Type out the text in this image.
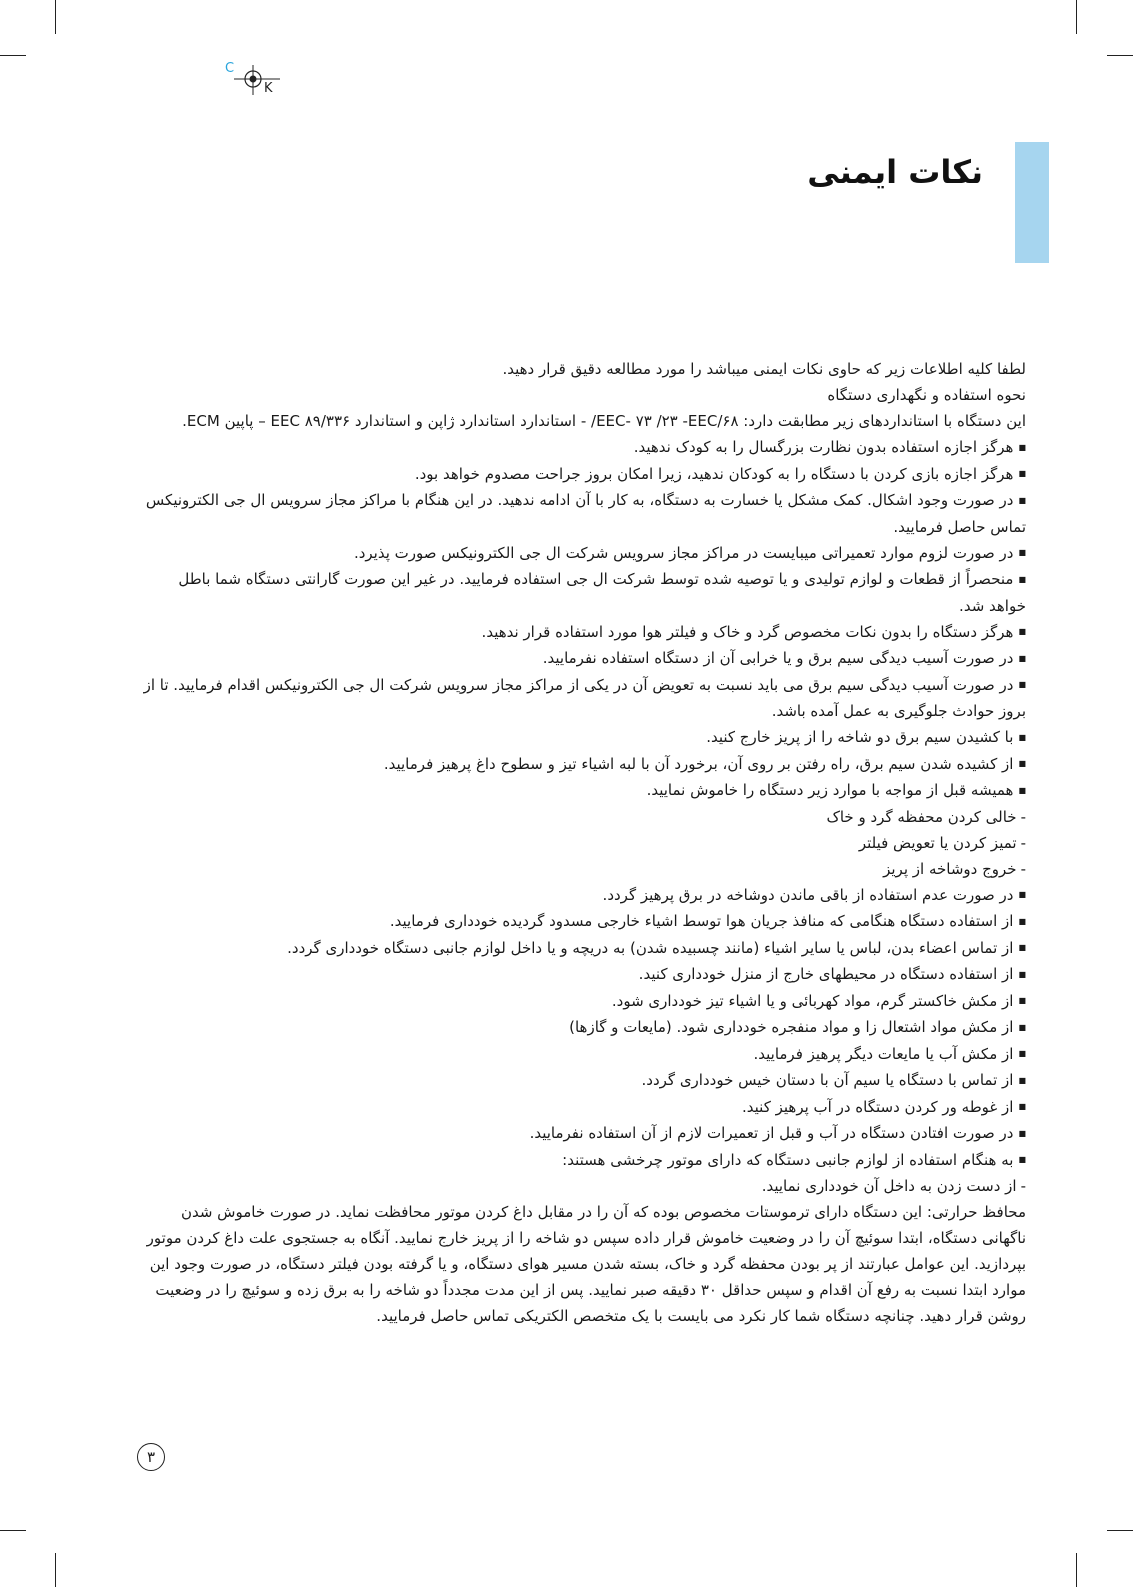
C
K
نکات ایمنی

لطفا کلیه اطلاعات زیر که حاوی نکات ایمنی میباشد را مورد مطالعه دقیق قرار دهید.

نحوه استفاده و نگهداری دستگاه

این دستگاه با استانداردهای زیر مطابقت دارد: EEC- ۷۳ /۲۳ -EEC/۶۸/ - استاندارد استاندارد ژاپن و استاندارد ۸۹/۳۳۶ EEC – پاپین ECM.

■ هرگز اجازه استفاده بدون نظارت بزرگسال را به کودک ندهید.
■ هرگز اجازه بازی کردن با دستگاه را به کودکان ندهید، زیرا امکان بروز جراحت مصدوم خواهد بود.
■ در صورت وجود اشکال. کمک مشکل یا خسارت به دستگاه، به کار با آن ادامه ندهید. در این هنگام با مراکز مجاز سرویس ال جی الکترونیکس تماس حاصل فرمایید.
■ در صورت لزوم موارد تعمیراتی میبایست در مراکز مجاز سرویس شرکت ال جی الکترونیکس صورت پذیرد.
■ منحصراً از قطعات و لوازم تولیدی و یا توصیه شده توسط شرکت ال جی استفاده فرمایید. در غیر این صورت گارانتی دستگاه شما باطل خواهد شد.
■ هرگز دستگاه را بدون نکات مخصوص گرد و خاک و فیلتر هوا مورد استفاده قرار ندهید.
■ در صورت آسیب دیدگی سیم برق و یا خرابی آن از دستگاه استفاده نفرمایید.
■ در صورت آسیب دیدگی سیم برق می باید نسبت به تعویض آن در یکی از مراکز مجاز سرویس شرکت ال جی الکترونیکس اقدام فرمایید. تا از بروز حوادث جلوگیری به عمل آمده باشد.
■ با کشیدن سیم برق دو شاخه را از پریز خارج کنید.
■ از کشیده شدن سیم برق، راه رفتن بر روی آن، برخورد آن با لبه اشیاء تیز و سطوح داغ پرهیز فرمایید.
■ همیشه قبل از مواجه با موارد زیر دستگاه را خاموش نمایید.
- خالی کردن محفظه گرد و خاک
- تمیز کردن یا تعویض فیلتر
- خروج دوشاخه از پریز
■ در صورت عدم استفاده از باقی ماندن دوشاخه در برق پرهیز گردد.
■ از استفاده دستگاه هنگامی که منافذ جریان هوا توسط اشیاء خارجی مسدود گردیده خودداری فرمایید.
■ از تماس اعضاء بدن، لباس یا سایر اشیاء (مانند چسبیده شدن) به دریچه و یا داخل لوازم جانبی دستگاه خودداری گردد.
■ از استفاده دستگاه در محیطهای خارج از منزل خودداری کنید.
■ از مکش خاکستر گرم، مواد کهربائی و یا اشیاء تیز خودداری شود.
■ از مکش مواد اشتعال زا و مواد منفجره خودداری شود. (مایعات و گازها)
■ از مکش آب یا مایعات دیگر پرهیز فرمایید.
■ از تماس با دستگاه یا سیم آن با دستان خیس خودداری گردد.
■ از غوطه ور کردن دستگاه در آب پرهیز کنید.
■ در صورت افتادن دستگاه در آب و قبل از تعمیرات لازم از آن استفاده نفرمایید.
■ به هنگام استفاده از لوازم جانبی دستگاه که دارای موتور چرخشی هستند:
- از دست زدن به داخل آن خودداری نمایید.

محافظ حرارتی: این دستگاه دارای ترموستات مخصوص بوده که آن را در مقابل داغ کردن موتور محافظت نماید. در صورت خاموش شدن ناگهانی دستگاه، ابتدا سوئیچ آن را در وضعیت خاموش قرار داده سپس دو شاخه را از پریز خارج نمایید. آنگاه به جستجوی علت داغ کردن موتور بپردازید. این عوامل عبارتند از پر بودن محفظه گرد و خاک، بسته شدن مسیر هوای دستگاه، و یا گرفته بودن فیلتر دستگاه، در صورت وجود این موارد ابتدا نسبت به رفع آن اقدام و سپس حداقل ۳۰ دقیقه صبر نمایید. پس از این مدت مجدداً دو شاخه را به برق زده و سوئیچ را در وضعیت روشن قرار دهید. چنانچه دستگاه شما کار نکرد می بایست با یک متخصص الکتریکی تماس حاصل فرمایید.

۳
